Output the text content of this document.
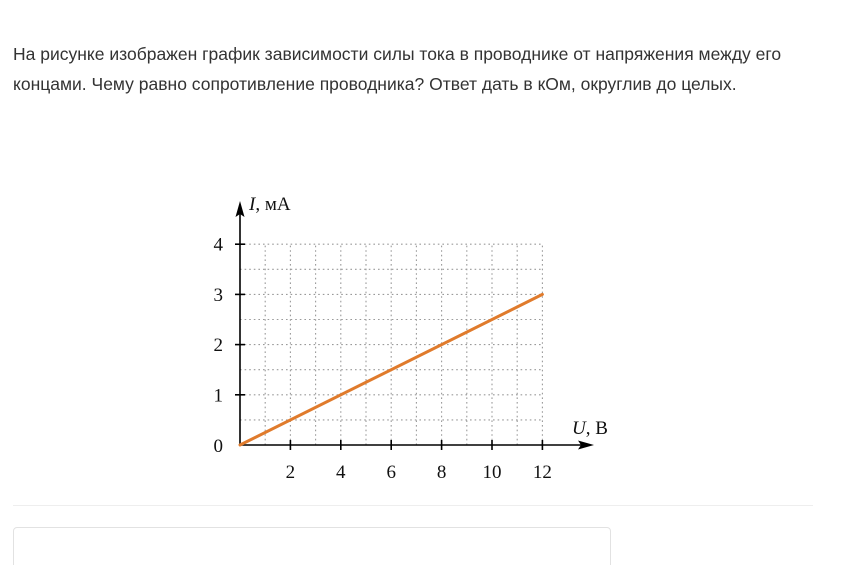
На рисунке изображен график зависимости силы тока в проводнике от напряжения между его концами. Чему равно сопротивление проводника? Ответ дать в кОм, округлив до целых.
2 4 6 8 10 12
1
2
3
4
0
I, мА
U, В
